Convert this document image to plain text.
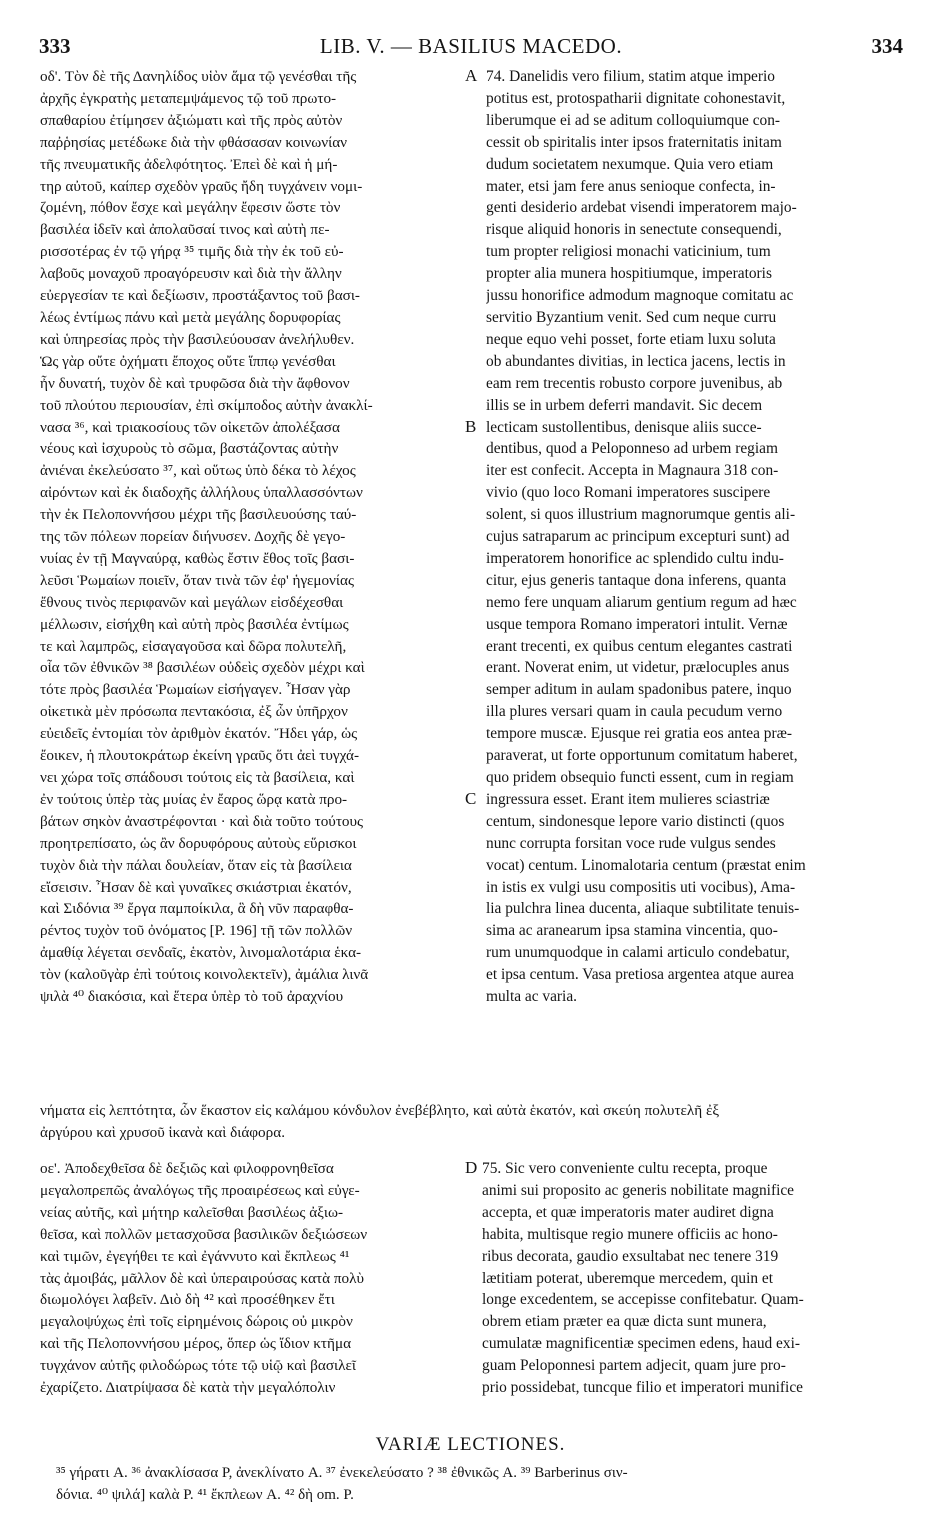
333	LIB. V. — BASILIUS MACEDO.	334
οδ'. Τὸν δὲ τῆς Δανηλίδος υἱὸν ἅμα τῷ γενέσθαι τῆς
ἀρχῆς ἐγκρατὴς μεταπεμψάμενος τῷ τοῦ πρωτο-
σπαθαρίου ἐτίμησεν ἀξιώματι καὶ τῆς πρὸς αὐτὸν
παῤῥησίας μετέδωκε διὰ τὴν φθάσασαν κοινωνίαν
τῆς πνευματικῆς ἀδελφότητος. Ἐπεὶ δὲ καὶ ἡ μή-
τηρ αὐτοῦ, καίπερ σχεδὸν γραῦς ἤδη τυγχάνειν νομι-
ζομένη, πόθον ἔσχε καὶ μεγάλην ἔφεσιν ὥστε τὸν
βασιλέα ἰδεῖν καὶ ἀπολαῦσαί τινος καὶ αὐτὴ πε-
ρισσοτέρας ἐν τῷ γήρᾳ ³⁵ τιμῆς διὰ τὴν ἐκ τοῦ εὐ-
λαβοῦς μοναχοῦ προαγόρευσιν καὶ διὰ τὴν ἄλλην
εὐεργεσίαν τε καὶ δεξίωσιν, προστάξαντος τοῦ βασι-
λέως ἐντίμως πάνυ καὶ μετὰ μεγάλης δορυφορίας
καὶ ὑπηρεσίας πρὸς τὴν βασιλεύουσαν ἀνελήλυθεν.
Ὡς γὰρ οὔτε ὀχήματι ἔποχος οὔτε ἵππῳ γενέσθαι
ἦν δυνατή, τυχὸν δὲ καὶ τρυφῶσα διὰ τὴν ἄφθονον
τοῦ πλούτου περιουσίαν, ἐπὶ σκίμποδος αὐτὴν ἀνακλί-
νασα ³⁶, καὶ τριακοσίους τῶν οἰκετῶν ἀπολέξασα
νέους καὶ ἰσχυροὺς τὸ σῶμα, βαστάζοντας αὐτὴν
ἀνιέναι ἐκελεύσατο ³⁷, καὶ οὕτως ὑπὸ δέκα τὸ λέχος
αἰρόντων καὶ ἐκ διαδοχῆς ἀλλήλους ὑπαλλασσόντων
τὴν ἐκ Πελοποννήσου μέχρι τῆς βασιλευούσης ταύ-
της τῶν πόλεων πορείαν διήνυσεν. Δοχῆς δὲ γεγο-
νυίας ἐν τῇ Μαγναύρᾳ, καθὼς ἔστιν ἔθος τοῖς βασι-
λεῦσι Ῥωμαίων ποιεῖν, ὅταν τινὰ τῶν ἐφ' ἡγεμονίας
ἔθνους τινὸς περιφανῶν καὶ μεγάλων εἰσδέχεσθαι
μέλλωσιν, εἰσήχθη καὶ αὐτὴ πρὸς βασιλέα ἐντίμως
τε καὶ λαμπρῶς, εἰσαγαγοῦσα καὶ δῶρα πολυτελῆ,
οἷα τῶν ἐθνικῶν ³⁸ βασιλέων οὐδεὶς σχεδὸν μέχρι καὶ
τότε πρὸς βασιλέα Ῥωμαίων εἰσήγαγεν. Ἦσαν γὰρ
οἰκετικὰ μὲν πρόσωπα πεντακόσια, ἐξ ὧν ὑπῆρχον
εὐειδεῖς ἐντομίαι τὸν ἀριθμὸν ἑκατόν. Ἤδει γάρ, ὡς
ἔοικεν, ἡ πλουτοκράτωρ ἐκείνη γραῦς ὅτι ἀεὶ τυγχά-
νει χώρα τοῖς σπάδουσι τούτοις εἰς τὰ βασίλεια, καὶ
ἐν τούτοις ὑπὲρ τὰς μυίας ἐν ἔαρος ὥρᾳ κατὰ προ-
βάτων σηκὸν ἀναστρέφονται · καὶ διὰ τοῦτο τούτους
προητρεπίσατο, ὡς ἂν δορυφόρους αὐτοὺς εὕρισκοι
τυχὸν διὰ τὴν πάλαι δουλείαν, ὅταν εἰς τὰ βασίλεια
εἴσεισιν. Ἦσαν δὲ καὶ γυναῖκες σκιάστριαι ἑκατόν,
καὶ Σιδόνια ³⁹ ἔργα παμποίκιλα, ἃ δὴ νῦν παραφθα-
ρέντος τυχὸν τοῦ ὀνόματος [P. 196] τῇ τῶν πολλῶν
ἀμαθίᾳ λέγεται σενδαῖς, ἑκατὸν, λινομαλοτάρια ἑκα-
τὸν (καλοῦγὰρ ἐπὶ τούτοις κοινολεκτεῖν), ἀμάλια λινᾶ
ψιλὰ ⁴⁰ διακόσια, καὶ ἕτερα ὑπὲρ τὸ τοῦ ἀραχνίου
74. Danelidis vero filium, statim atque imperio
potitus est, protospatharii dignitate cohonestavit,
liberumque ei ad se aditum colloquiumque con-
cessit ob spiritalis inter ipsos fraternitatis initam
dudum societatem nexumque. Quia vero etiam
mater, etsi jam fere anus senioque confecta, in-
genti desiderio ardebat visendi imperatorem majo-
risque aliquid honoris in senectute consequendi,
tum propter religiosi monachi vaticinium, tum
propter alia munera hospitiumque, imperatoris
jussu honorifice admodum magnoque comitatu ac
servitio Byzantium venit. Sed cum neque curru
neque equo vehi posset, forte etiam luxu soluta
ob abundantes divitias, in lectica jacens, lectis in
eam rem trecentis robusto corpore juvenibus, ab
illis se in urbem deferri mandavit. Sic decem
lecticam sustollentibus, denisque aliis succe-
dentibus, quod a Peloponneso ad urbem regiam
iter est confecit. Accepta in Magnaura 318 con-
vivio (quo loco Romani imperatores suscipere
solent, si quos illustrium magnorumque gentis ali-
cujus satraparum ac principum excepturi sunt) ad
imperatorem honorifice ac splendido cultu indu-
citur, ejus generis tantaque dona inferens, quanta
nemo fere unquam aliarum gentium regum ad hæc
usque tempora Romano imperatori intulit. Vernæ
erant trecenti, ex quibus centum elegantes castrati
erant. Noverat enim, ut videtur, prælocuples anus
semper aditum in aulam spadonibus patere, inquo
illa plures versari quam in caula pecudum verno
tempore muscæ. Ejusque rei gratia eos antea præ-
paraverat, ut forte opportunum comitatum haberet,
quo pridem obsequio functi essent, cum in regiam
ingressura esset. Erant item mulieres sciastriæ
centum, sindonesque lepore vario distincti (quos
nunc corrupta forsitan voce rude vulgus sendes
vocat) centum. Linomalotaria centum (præstat enim
in istis ex vulgi usu compositis uti vocibus), Ama-
lia pulchra linea ducenta, aliaque subtilitate tenuis-
sima ac aranearum ipsa stamina vincentia, quo-
rum unumquodque in calami articulo condebatur,
et ipsa centum. Vasa pretiosa argentea atque aurea
multa ac varia.
A
B
C
D
νήματα εἰς λεπτότητα, ὧν ἕκαστον εἰς καλάμου κόνδυλον ἐνεβέβλητο, καὶ αὐτὰ ἑκατόν, καὶ σκεύη πολυτελῆ ἐξ
ἀργύρου καὶ χρυσοῦ ἱκανὰ καὶ διάφορα.
οε'. Ἀποδεχθεῖσα δὲ δεξιῶς καὶ φιλοφρονηθεῖσα
μεγαλοπρεπῶς ἀναλόγως τῆς προαιρέσεως καὶ εὐγε-
νείας αὐτῆς, καὶ μήτηρ καλεῖσθαι βασιλέως ἀξιω-
θεῖσα, καὶ πολλῶν μετασχοῦσα βασιλικῶν δεξιώσεων
καὶ τιμῶν, ἐγεγήθει τε καὶ ἐγάννυτο καὶ ἔκπλεως ⁴¹
τὰς ἀμοιβάς, μᾶλλον δὲ καὶ ὑπεραιρούσας κατὰ πολὺ
διωμολόγει λαβεῖν. Διὸ δὴ ⁴² καὶ προσέθηκεν ἔτι
μεγαλοψύχως ἐπὶ τοῖς εἰρημένοις δώροις οὐ μικρὸν
καὶ τῆς Πελοποννήσου μέρος, ὅπερ ὡς ἴδιον κτῆμα
τυγχάνον αὐτῆς φιλοδώρως τότε τῷ υἱῷ καὶ βασιλεῖ
ἐχαρίζετο. Διατρίψασα δὲ κατὰ τὴν μεγαλόπολιν
75. Sic vero conveniente cultu recepta, proque
animi sui proposito ac generis nobilitate magnifice
accepta, et quæ imperatoris mater audiret digna
habita, multisque regio munere officiis ac hono-
ribus decorata, gaudio exsultabat nec tenere 319
lætitiam poterat, uberemque mercedem, quin et
longe excedentem, se accepisse confitebatur. Quam-
obrem etiam præter ea quæ dicta sunt munera,
cumulatæ magnificentiæ specimen edens, haud exi-
guam Peloponnesi partem adjecit, quam jure pro-
prio possidebat, tuncque filio et imperatori munifice
VARIÆ LECTIONES.
³⁵ γήρατι A. ³⁶ ἀνακλίσασα P, ἀνεκλίνατο A. ³⁷ ἐνεκελεύσατο ? ³⁸ ἐθνικῶς A. ³⁹ Barberinus σιν-
δόνια. ⁴⁰ ψιλά] καλὰ P. ⁴¹ ἔκπλεων A. ⁴² δὴ om. P.
